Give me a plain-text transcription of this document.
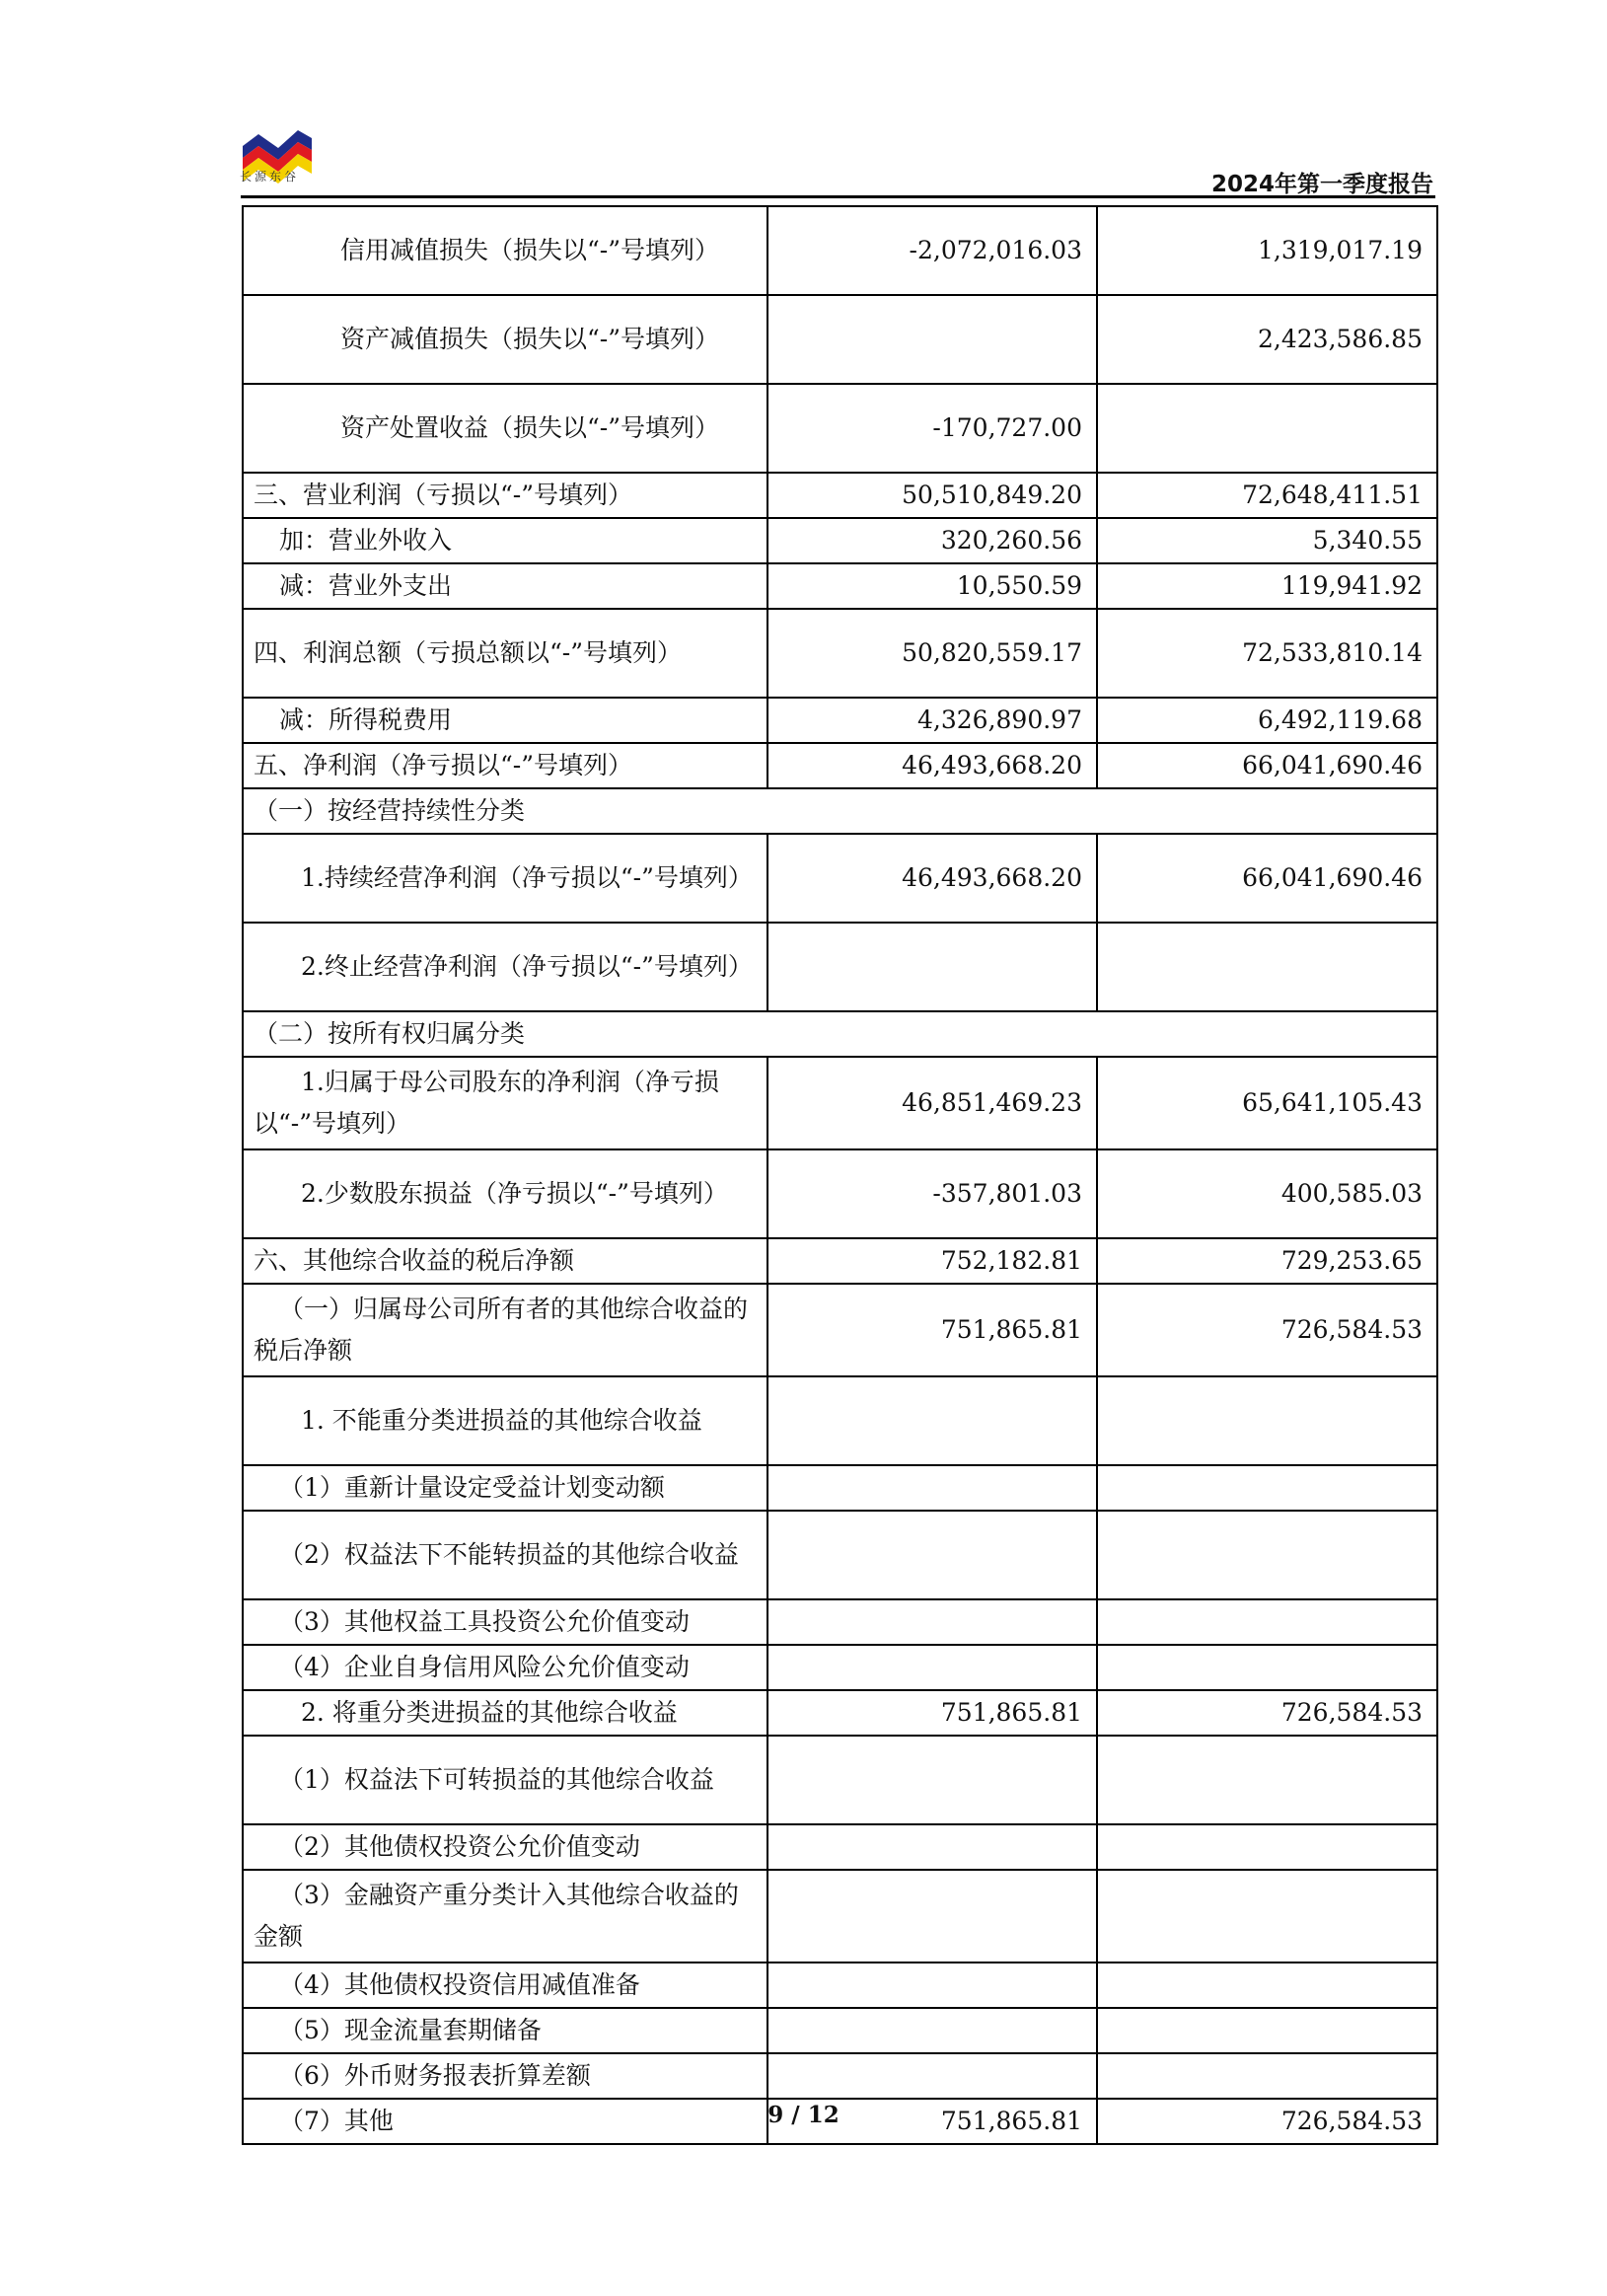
长源东谷	2024年第一季度报告
信用减值损失（损失以“-”号填列）	-2,072,016.03	1,319,017.19
资产减值损失（损失以“-”号填列）		2,423,586.85
资产处置收益（损失以“-”号填列）	-170,727.00	
三、营业利润（亏损以“-”号填列）	50,510,849.20	72,648,411.51
加：营业外收入	320,260.56	5,340.55
减：营业外支出	10,550.59	119,941.92
四、利润总额（亏损总额以“-”号填列）	50,820,559.17	72,533,810.14
减：所得税费用	4,326,890.97	6,492,119.68
五、净利润（净亏损以“-”号填列）	46,493,668.20	66,041,690.46
（一）按经营持续性分类		
1.持续经营净利润（净亏损以“-”号填列）	46,493,668.20	66,041,690.46
2.终止经营净利润（净亏损以“-”号填列）		
（二）按所有权归属分类		
1.归属于母公司股东的净利润（净亏损以“-”号填列）	46,851,469.23	65,641,105.43
2.少数股东损益（净亏损以“-”号填列）	-357,801.03	400,585.03
六、其他综合收益的税后净额	752,182.81	729,253.65
（一）归属母公司所有者的其他综合收益的税后净额	751,865.81	726,584.53
1. 不能重分类进损益的其他综合收益		
（1）重新计量设定受益计划变动额		
（2）权益法下不能转损益的其他综合收益		
（3）其他权益工具投资公允价值变动		
（4）企业自身信用风险公允价值变动		
2. 将重分类进损益的其他综合收益	751,865.81	726,584.53
（1）权益法下可转损益的其他综合收益		
（2）其他债权投资公允价值变动		
（3）金融资产重分类计入其他综合收益的金额		
（4）其他债权投资信用减值准备		
（5）现金流量套期储备		
（6）外币财务报表折算差额		
（7）其他	751,865.81	726,584.53
9 / 12
